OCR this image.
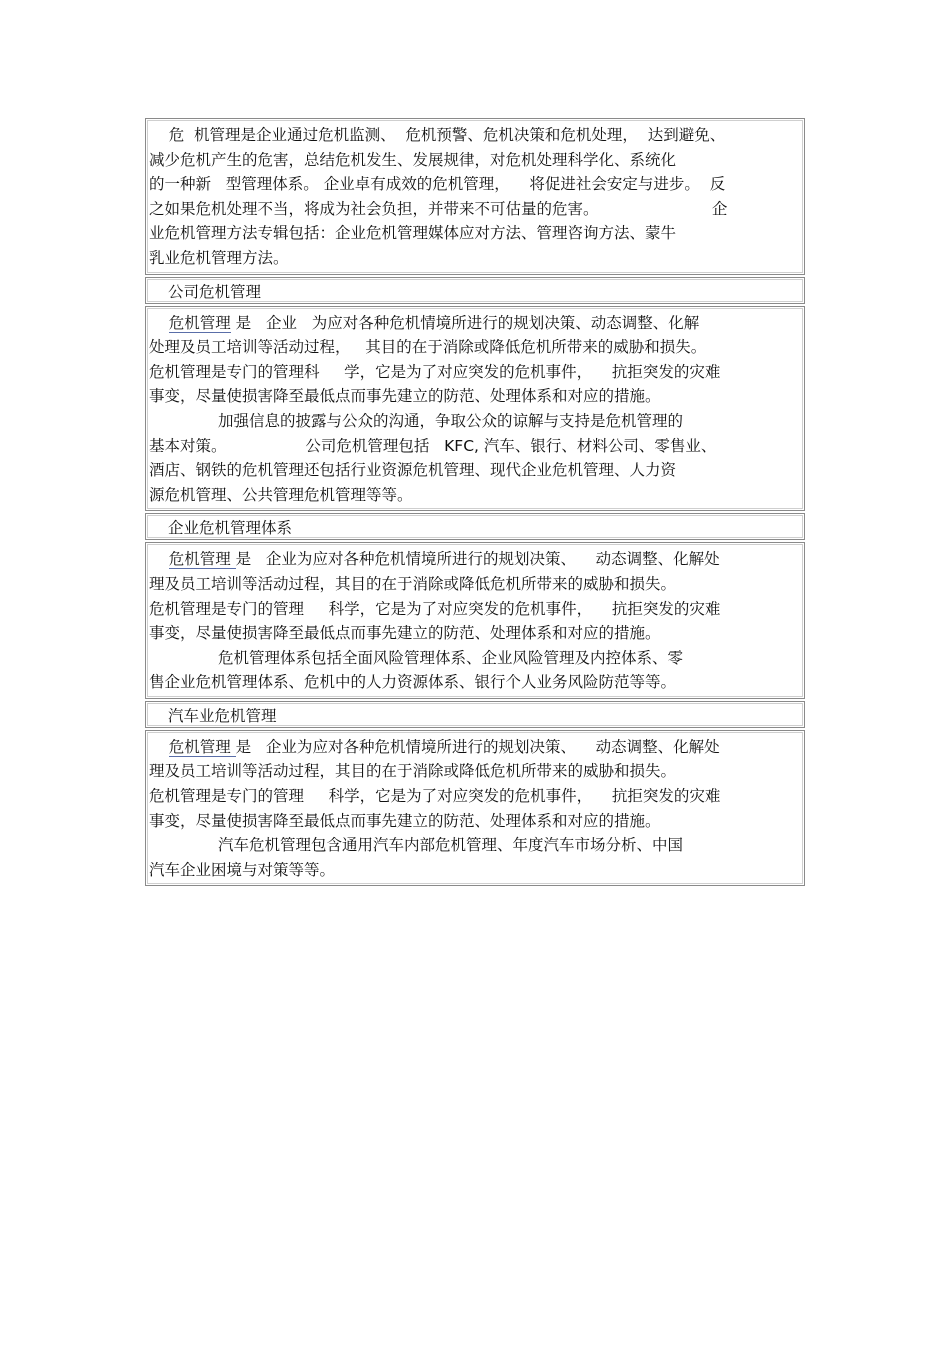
危  机管理是企业通过危机监测、  危机预警、危机决策和危机处理，  达到避免、
减少危机产生的危害，总结危机发生、发展规律，对危机处理科学化、系统化
的一种新   型管理体系。 企业卓有成效的危机管理，    将促进社会安定与进步。  反
之如果危机处理不当，将成为社会负担，并带来不可估量的危害。                       企
业危机管理方法专辑包括：企业危机管理媒体应对方法、管理咨询方法、蒙牛
乳业危机管理方法。
公司危机管理
危机管理 是   企业   为应对各种危机情境所进行的规划决策、动态调整、化解
处理及员工培训等活动过程，   其目的在于消除或降低危机所带来的威胁和损失。
危机管理是专门的管理科     学，它是为了对应突发的危机事件，    抗拒突发的灾难
事变，尽量使损害降至最低点而事先建立的防范、处理体系和对应的措施。
加强信息的披露与公众的沟通，争取公众的谅解与支持是危机管理的
基本对策。                公司危机管理包括   KFC, 汽车、银行、材料公司、零售业、
酒店、钢铁的危机管理还包括行业资源危机管理、现代企业危机管理、人力资
源危机管理、公共管理危机管理等等。
企业危机管理体系
危机管理 是   企业为应对各种危机情境所进行的规划决策、    动态调整、化解处
理及员工培训等活动过程，其目的在于消除或降低危机所带来的威胁和损失。
危机管理是专门的管理     科学，它是为了对应突发的危机事件，    抗拒突发的灾难
事变，尽量使损害降至最低点而事先建立的防范、处理体系和对应的措施。
危机管理体系包括全面风险管理体系、企业风险管理及内控体系、零
售企业危机管理体系、危机中的人力资源体系、银行个人业务风险防范等等。
汽车业危机管理
危机管理 是   企业为应对各种危机情境所进行的规划决策、    动态调整、化解处
理及员工培训等活动过程，其目的在于消除或降低危机所带来的威胁和损失。
危机管理是专门的管理     科学，它是为了对应突发的危机事件，    抗拒突发的灾难
事变，尽量使损害降至最低点而事先建立的防范、处理体系和对应的措施。
汽车危机管理包含通用汽车内部危机管理、年度汽车市场分析、中国
汽车企业困境与对策等等。
